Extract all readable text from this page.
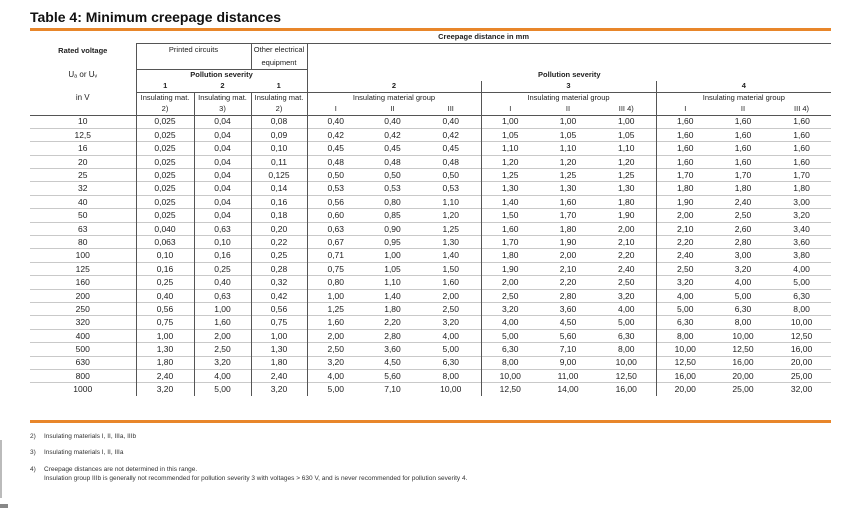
Table 4: Minimum creepage distances
Rated voltage	Creepage distance in mm											
	Printed circuits		Other electrical									
			equipment									
Uₐ or Uᵥ	Pollution severity			Pollution severity								
	1	2	1	2			3			4		
in V	Insulating mat.	Insulating mat.	Insulating mat.	Insulating material group			Insulating material group			Insulating material group		
	2)	3)	2)	I	II	III	I	II	III 4)	I	II	III 4)
10	0,025	0,04	0,08	0,40	0,40	0,40	1,00	1,00	1,00	1,60	1,60	1,60
12,5	0,025	0,04	0,09	0,42	0,42	0,42	1,05	1,05	1,05	1,60	1,60	1,60
16	0,025	0,04	0,10	0,45	0,45	0,45	1,10	1,10	1,10	1,60	1,60	1,60
20	0,025	0,04	0,11	0,48	0,48	0,48	1,20	1,20	1,20	1,60	1,60	1,60
25	0,025	0,04	0,125	0,50	0,50	0,50	1,25	1,25	1,25	1,70	1,70	1,70
32	0,025	0,04	0,14	0,53	0,53	0,53	1,30	1,30	1,30	1,80	1,80	1,80
40	0,025	0,04	0,16	0,56	0,80	1,10	1,40	1,60	1,80	1,90	2,40	3,00
50	0,025	0,04	0,18	0,60	0,85	1,20	1,50	1,70	1,90	2,00	2,50	3,20
63	0,040	0,63	0,20	0,63	0,90	1,25	1,60	1,80	2,00	2,10	2,60	3,40
80	0,063	0,10	0,22	0,67	0,95	1,30	1,70	1,90	2,10	2,20	2,80	3,60
100	0,10	0,16	0,25	0,71	1,00	1,40	1,80	2,00	2,20	2,40	3,00	3,80
125	0,16	0,25	0,28	0,75	1,05	1,50	1,90	2,10	2,40	2,50	3,20	4,00
160	0,25	0,40	0,32	0,80	1,10	1,60	2,00	2,20	2,50	3,20	4,00	5,00
200	0,40	0,63	0,42	1,00	1,40	2,00	2,50	2,80	3,20	4,00	5,00	6,30
250	0,56	1,00	0,56	1,25	1,80	2,50	3,20	3,60	4,00	5,00	6,30	8,00
320	0,75	1,60	0,75	1,60	2,20	3,20	4,00	4,50	5,00	6,30	8,00	10,00
400	1,00	2,00	1,00	2,00	2,80	4,00	5,00	5,60	6,30	8,00	10,00	12,50
500	1,30	2,50	1,30	2,50	3,60	5,00	6,30	7,10	8,00	10,00	12,50	16,00
630	1,80	3,20	1,80	3,20	4,50	6,30	8,00	9,00	10,00	12,50	16,00	20,00
800	2,40	4,00	2,40	4,00	5,60	8,00	10,00	11,00	12,50	16,00	20,00	25,00
1000	3,20	5,00	3,20	5,00	7,10	10,00	12,50	14,00	16,00	20,00	25,00	32,00
2) Insulating materials I, II, IIIa, IIIb
3) Insulating materials I, II, IIIa
4) Creepage distances are not determined in this range.
Insulation group IIIb is generally not recommended for pollution severity 3 with voltages > 630 V, and is never recommended for pollution severity 4.
